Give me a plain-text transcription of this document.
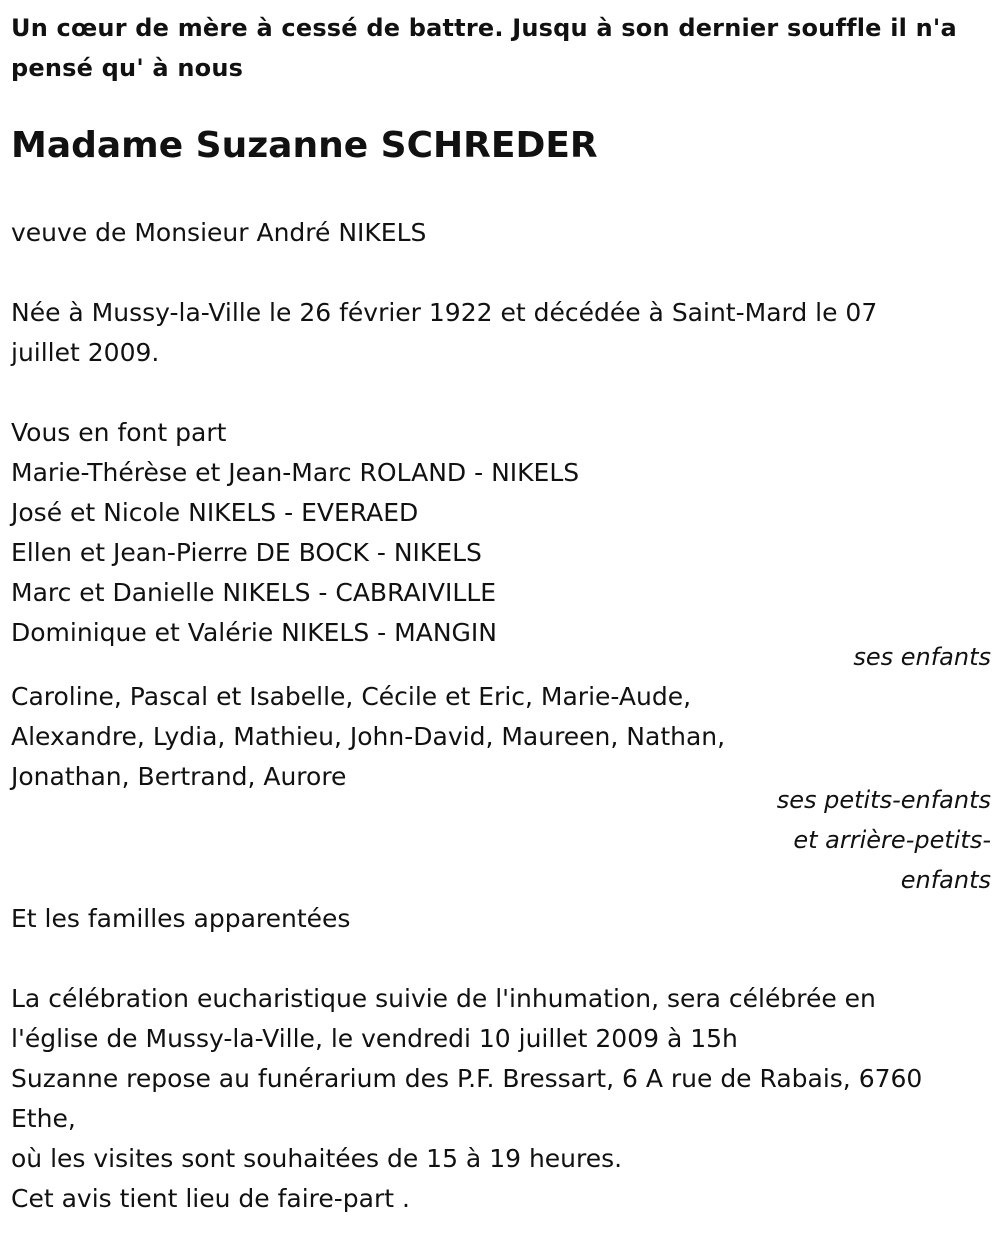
Un cœur de mère à cessé de battre. Jusqu à son dernier souffle il n'a pensé qu' à nous

Madame Suzanne SCHREDER

veuve de Monsieur André NIKELS

Née à Mussy-la-Ville le 26 février 1922 et décédée à Saint-Mard le 07

juillet 2009.

Vous en font part

Marie-Thérèse et Jean-Marc ROLAND - NIKELS

José et Nicole NIKELS - EVERAED

Ellen et Jean-Pierre DE BOCK - NIKELS

Marc et Danielle NIKELS - CABRAIVILLE

Dominique et Valérie NIKELS - MANGIN

ses enfants

Caroline, Pascal et Isabelle, Cécile et Eric, Marie-Aude,

Alexandre, Lydia, Mathieu, John-David, Maureen, Nathan,

Jonathan, Bertrand, Aurore

ses petits-enfants
et arrière-petits-
enfants

Et les familles apparentées

La célébration eucharistique suivie de l'inhumation, sera célébrée en

l'église de Mussy-la-Ville, le vendredi 10 juillet 2009 à 15h

Suzanne repose au funérarium des P.F. Bressart, 6 A rue de Rabais, 6760

Ethe,

où les visites sont souhaitées de 15 à 19 heures.

Cet avis tient lieu de faire-part .
